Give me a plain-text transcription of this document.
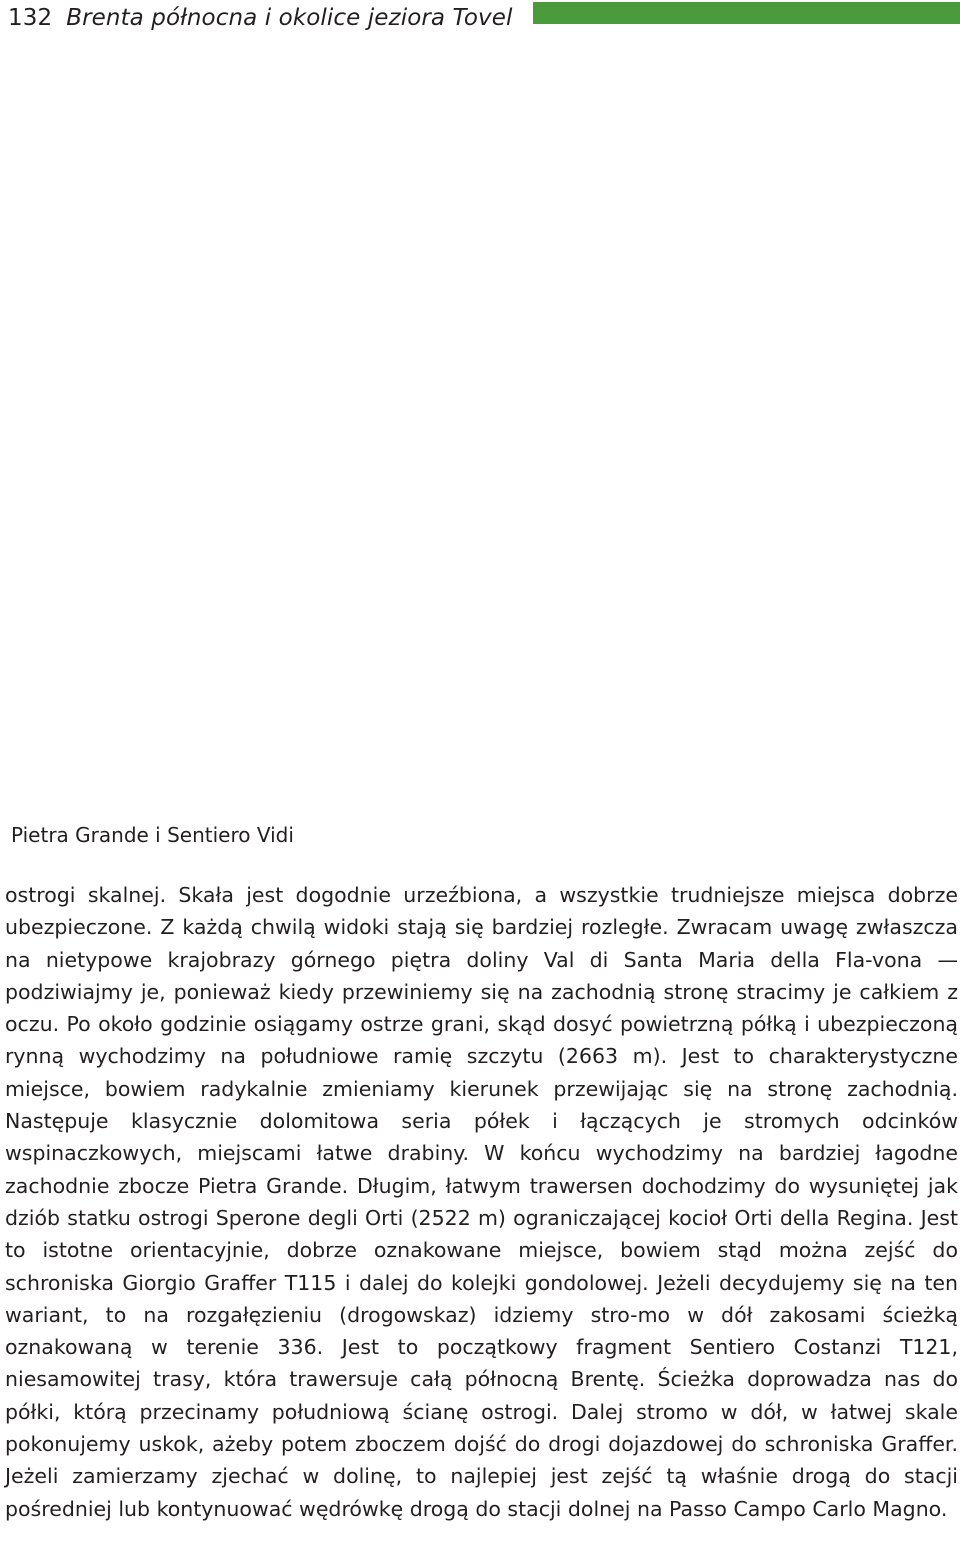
132 Brenta północna i okolice jeziora Tovel
Pietra Grande i Sentiero Vidi

ostrogi skalnej. Skała jest dogodnie urzeźbiona, a wszystkie trudniejsze miejsca dobrze ubezpieczone. Z każdą chwilą widoki stają się bardziej rozległe. Zwracam uwagę zwłaszcza na nietypowe krajobrazy górnego piętra doliny Val di Santa Maria della Fla-vona — podziwiajmy je, ponieważ kiedy przewiniemy się na zachodnią stronę stracimy je całkiem z oczu. Po około godzinie osiągamy ostrze grani, skąd dosyć powietrzną półką i ubezpieczoną rynną wychodzimy na południowe ramię szczytu (2663 m). Jest to charakterystyczne miejsce, bowiem radykalnie zmieniamy kierunek przewijając się na stronę zachodnią. Następuje klasycznie dolomitowa seria półek i łączących je stromych odcinków wspinaczkowych, miejscami łatwe drabiny. W końcu wychodzimy na bardziej łagodne zachodnie zbocze Pietra Grande. Długim, łatwym trawersen dochodzimy do wysuniętej jak dziób statku ostrogi Sperone degli Orti (2522 m) ograniczającej kocioł Orti della Regina. Jest to istotne orientacyjnie, dobrze oznakowane miejsce, bowiem stąd można zejść do schroniska Giorgio Graffer T115 i dalej do kolejki gondolowej. Jeżeli decydujemy się na ten wariant, to na rozgałęzieniu (drogowskaz) idziemy stro-mo w dół zakosami ścieżką oznakowaną w terenie 336. Jest to początkowy fragment Sentiero Costanzi T121, niesamowitej trasy, która trawersuje całą północną Brentę. Ścieżka doprowadza nas do półki, którą przecinamy południową ścianę ostrogi. Dalej stromo w dół, w łatwej skale pokonujemy uskok, ażeby potem zboczem dojść do drogi dojazdowej do schroniska Graffer. Jeżeli zamierzamy zjechać w dolinę, to najlepiej jest zejść tą właśnie drogą do stacji pośredniej lub kontynuować wędrówkę drogą do stacji dolnej na Passo Campo Carlo Magno.
